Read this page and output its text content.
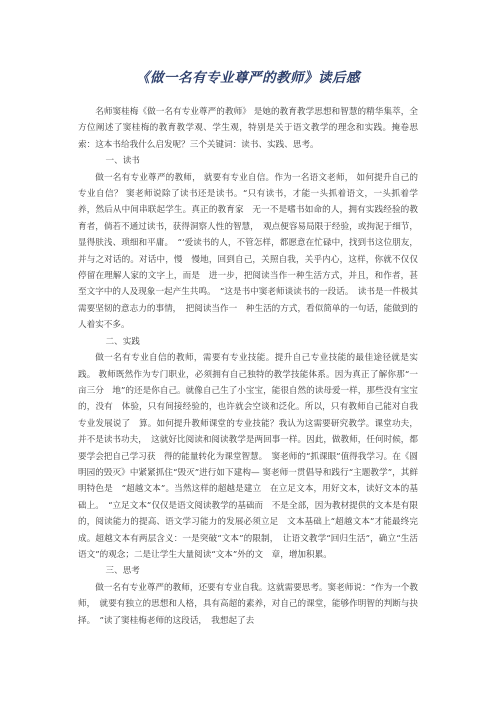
《做一名有专业尊严的教师》读后感

名师窦桂梅《做一名有专业尊严的教师》 是她的教育教学思想和智慧的精华集萃，全方位阐述了窦桂梅的教育教学观、学生观，特别是关于语文教学的理念和实践。掩卷思索：这本书给我什么启发呢？三个关键词：读书、实践、思考。

一、读书

做一名有专业尊严的教师， 就要有专业自信。作为一名语文老师， 如何提升自己的专业自信？ 窦老师说除了读书还是读书。“只有读书，才能一头抓着语文，一头抓着学养，然后从中间串联起学生。真正的教育家　无一不是嗜书如命的人，拥有实践经验的教育者，倘若不通过读书，获得洞察人性的智慧，　观点便容易局限于经验，或拘泥于细节，显得肤浅、琐细和平庸。　“‘爱读书的人，不管怎样，都愿意在忙碌中，找到书这位朋友，并与之对话的。对话中，慢　慢地，回到自己，关照自我，关乎内心，这样，你就不仅仅停留在理解人家的文字上，而是　进一步，把阅读当作一种生活方式，并且，和作者，甚至文字中的人及现象一起产生共鸣。　”这是书中窦老师谈读书的一段话。　读书是一件极其需要坚韧的意志力的事情，　把阅读当作一　种生活的方式，看似简单的一句话，能做到的人着实不多。

二、实践

做一名有专业自信的教师，需要有专业技能。提升自己专业技能的最佳途径就是实践。 教师既然作为专门职业，必须拥有自己独特的教学技能体系。因为真正了解你那“一亩三分　地”的还是你自己。就像自己生了小宝宝，能很自然的读母爱一样，那些没有宝宝的，没有　体验，只有间接经验的，也许就会空谈和泛化。所以，只有教师自己能对自我专业发展说了　算。如何提升教师课堂的专业技能？我认为这需要研究教学。课堂功夫，并不是读书功夫，　这就好比阅读和阅读教学是两回事一样。因此，做教师，任何时候，都要学会把自己学习获　得的能量转化为课堂智慧。　窦老师的“抓课眼”值得我学习。在《圆明园的毁灭》中紧紧抓住“毁灭”进行如下建构— 窦老师一贯倡导和践行“主题教学”，其鲜明特色是　“超越文本”。当然这样的超越是建立　在立足文本，用好文本，读好文本的基础上。　“立足文本”仅仅是语文阅读教学的基础而　不是全部，因为教材提供的文本是有限的，阅读能力的提高、语文学习能力的发展必须立足　文本基础上“超越文本”才能最终完成。超越文本有两层含义：一是突破“文本”的限制，　让语文教学“回归生活”，确立“生活语文”的观念；二是让学生大量阅读“文本”外的文　章，增加积累。

三、思考

做一名有专业尊严的教师，还要有专业自我。这就需要思考。窦老师说：“作为一个教师，　就要有独立的思想和人格，具有高超的素养，对自己的课堂，能够作明智的判断与抉择。　”读了窦桂梅老师的这段话，　我想起了去
